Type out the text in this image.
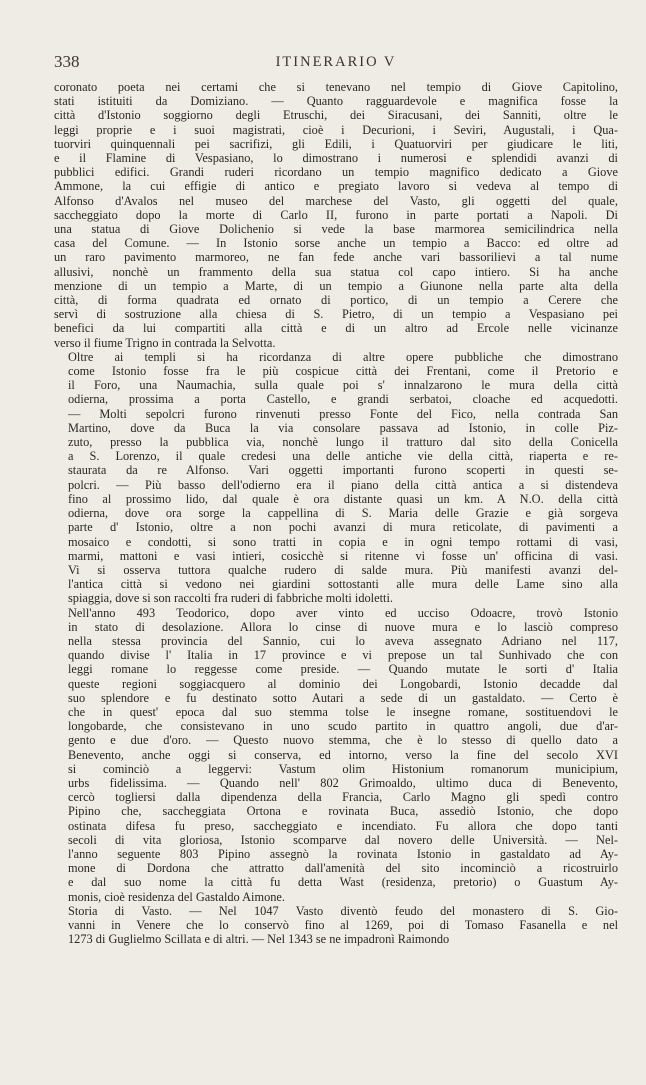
338	ITINERARIO V
coronato poeta nei certami che si tenevano nel tempio di Giove Capitolino,
stati istituiti da Domiziano. — Quanto ragguardevole e magnifica fosse la
città d'Istonio soggiorno degli Etruschi, dei Siracusani, dei Sanniti, oltre le
leggi proprie e i suoi magistrati, cioè i Decurioni, i Seviri, Augustali, i Qua-
tuorviri quinquennali pei sacrifizi, gli Edili, i Quatuorviri per giudicare le liti,
e il Flamine di Vespasiano, lo dimostrano i numerosi e splendidi avanzi di
pubblici edifici. Grandi ruderi ricordano un tempio magnifico dedicato a Giove
Ammone, la cui effigie di antico e pregiato lavoro si vedeva al tempo di
Alfonso d'Avalos nel museo del marchese del Vasto, gli oggetti del quale,
saccheggiato dopo la morte di Carlo II, furono in parte portati a Napoli. Di
una statua di Giove Dolichenio si vede la base marmorea semicilindrica nella
casa del Comune. — In Istonio sorse anche un tempio a Bacco: ed oltre ad
un raro pavimento marmoreo, ne fan fede anche vari bassorilievi a tal nume
allusivi, nonchè un frammento della sua statua col capo intiero. Si ha anche
menzione di un tempio a Marte, di un tempio a Giunone nella parte alta della
città, di forma quadrata ed ornato di portico, di un tempio a Cerere che
servì di sostruzione alla chiesa di S. Pietro, di un tempio a Vespasiano pei
benefici da lui compartiti alla città e di un altro ad Ercole nelle vicinanze
verso il fiume Trigno in contrada la Selvotta.
Oltre ai templi si ha ricordanza di altre opere pubbliche che dimostrano
come Istonio fosse fra le più cospicue città dei Frentani, come il Pretorio e
il Foro, una Naumachia, sulla quale poi s' innalzarono le mura della città
odierna, prossima a porta Castello, e grandi serbatoi, cloache ed acquedotti.
— Molti sepolcri furono rinvenuti presso Fonte del Fico, nella contrada San
Martino, dove da Buca la via consolare passava ad Istonio, in colle Piz-
zuto, presso la pubblica via, nonchè lungo il tratturo dal sito della Conicella
a S. Lorenzo, il quale credesi una delle antiche vie della città, riaperta e re-
staurata da re Alfonso. Vari oggetti importanti furono scoperti in questi se-
polcri. — Più basso dell'odierno era il piano della città antica a si distendeva
fino al prossimo lido, dal quale è ora distante quasi un km. A N.O. della città
odierna, dove ora sorge la cappellina di S. Maria delle Grazie e già sorgeva
parte d' Istonio, oltre a non pochi avanzi di mura reticolate, di pavimenti a
mosaico e condotti, si sono tratti in copia e in ogni tempo rottami di vasi,
marmi, mattoni e vasi intieri, cosicchè si ritenne vi fosse un' officina di vasi.
Vi si osserva tuttora qualche rudero di salde mura. Più manifesti avanzi del-
l'antica città si vedono nei giardini sottostanti alle mura delle Lame sino alla
spiaggia, dove si son raccolti fra ruderi di fabbriche molti idoletti.
Nell'anno 493 Teodorico, dopo aver vinto ed ucciso Odoacre, trovò Istonio
in stato di desolazione. Allora lo cinse di nuove mura e lo lasciò compreso
nella stessa provincia del Sannio, cui lo aveva assegnato Adriano nel 117,
quando divise l' Italia in 17 province e vi prepose un tal Sunhivado che con
leggi romane lo reggesse come preside. — Quando mutate le sorti d' Italia
queste regioni soggiacquero al dominio dei Longobardi, Istonio decadde dal
suo splendore e fu destinato sotto Autari a sede di un gastaldato. — Certo è
che in quest' epoca dal suo stemma tolse le insegne romane, sostituendovi le
longobarde, che consistevano in uno scudo partito in quattro angoli, due d'ar-
gento e due d'oro. — Questo nuovo stemma, che è lo stesso di quello dato a
Benevento, anche oggi si conserva, ed intorno, verso la fine del secolo XVI
si cominciò a leggervi: Vastum olim Histonium romanorum municipium,
urbs fidelissima. — Quando nell' 802 Grimoaldo, ultimo duca di Benevento,
cercò togliersi dalla dipendenza della Francia, Carlo Magno gli spedì contro
Pipino che, saccheggiata Ortona e rovinata Buca, assediò Istonio, che dopo
ostinata difesa fu preso, saccheggiato e incendiato. Fu allora che dopo tanti
secoli di vita gloriosa, Istonio scomparve dal novero delle Università. — Nel-
l'anno seguente 803 Pipino assegnò la rovinata Istonio in gastaldato ad Ay-
mone di Dordona che attratto dall'amenità del sito incominciò a ricostruirlo
e dal suo nome la città fu detta Wast (residenza, pretorio) o Guastum Ay-
monis, cioè residenza del Gastaldo Aimone.
Storia di Vasto. — Nel 1047 Vasto diventò feudo del monastero di S. Gio-
vanni in Venere che lo conservò fino al 1269, poi di Tomaso Fasanella e nel
1273 di Guglielmo Scillata e di altri. — Nel 1343 se ne impadronì Raimondo
